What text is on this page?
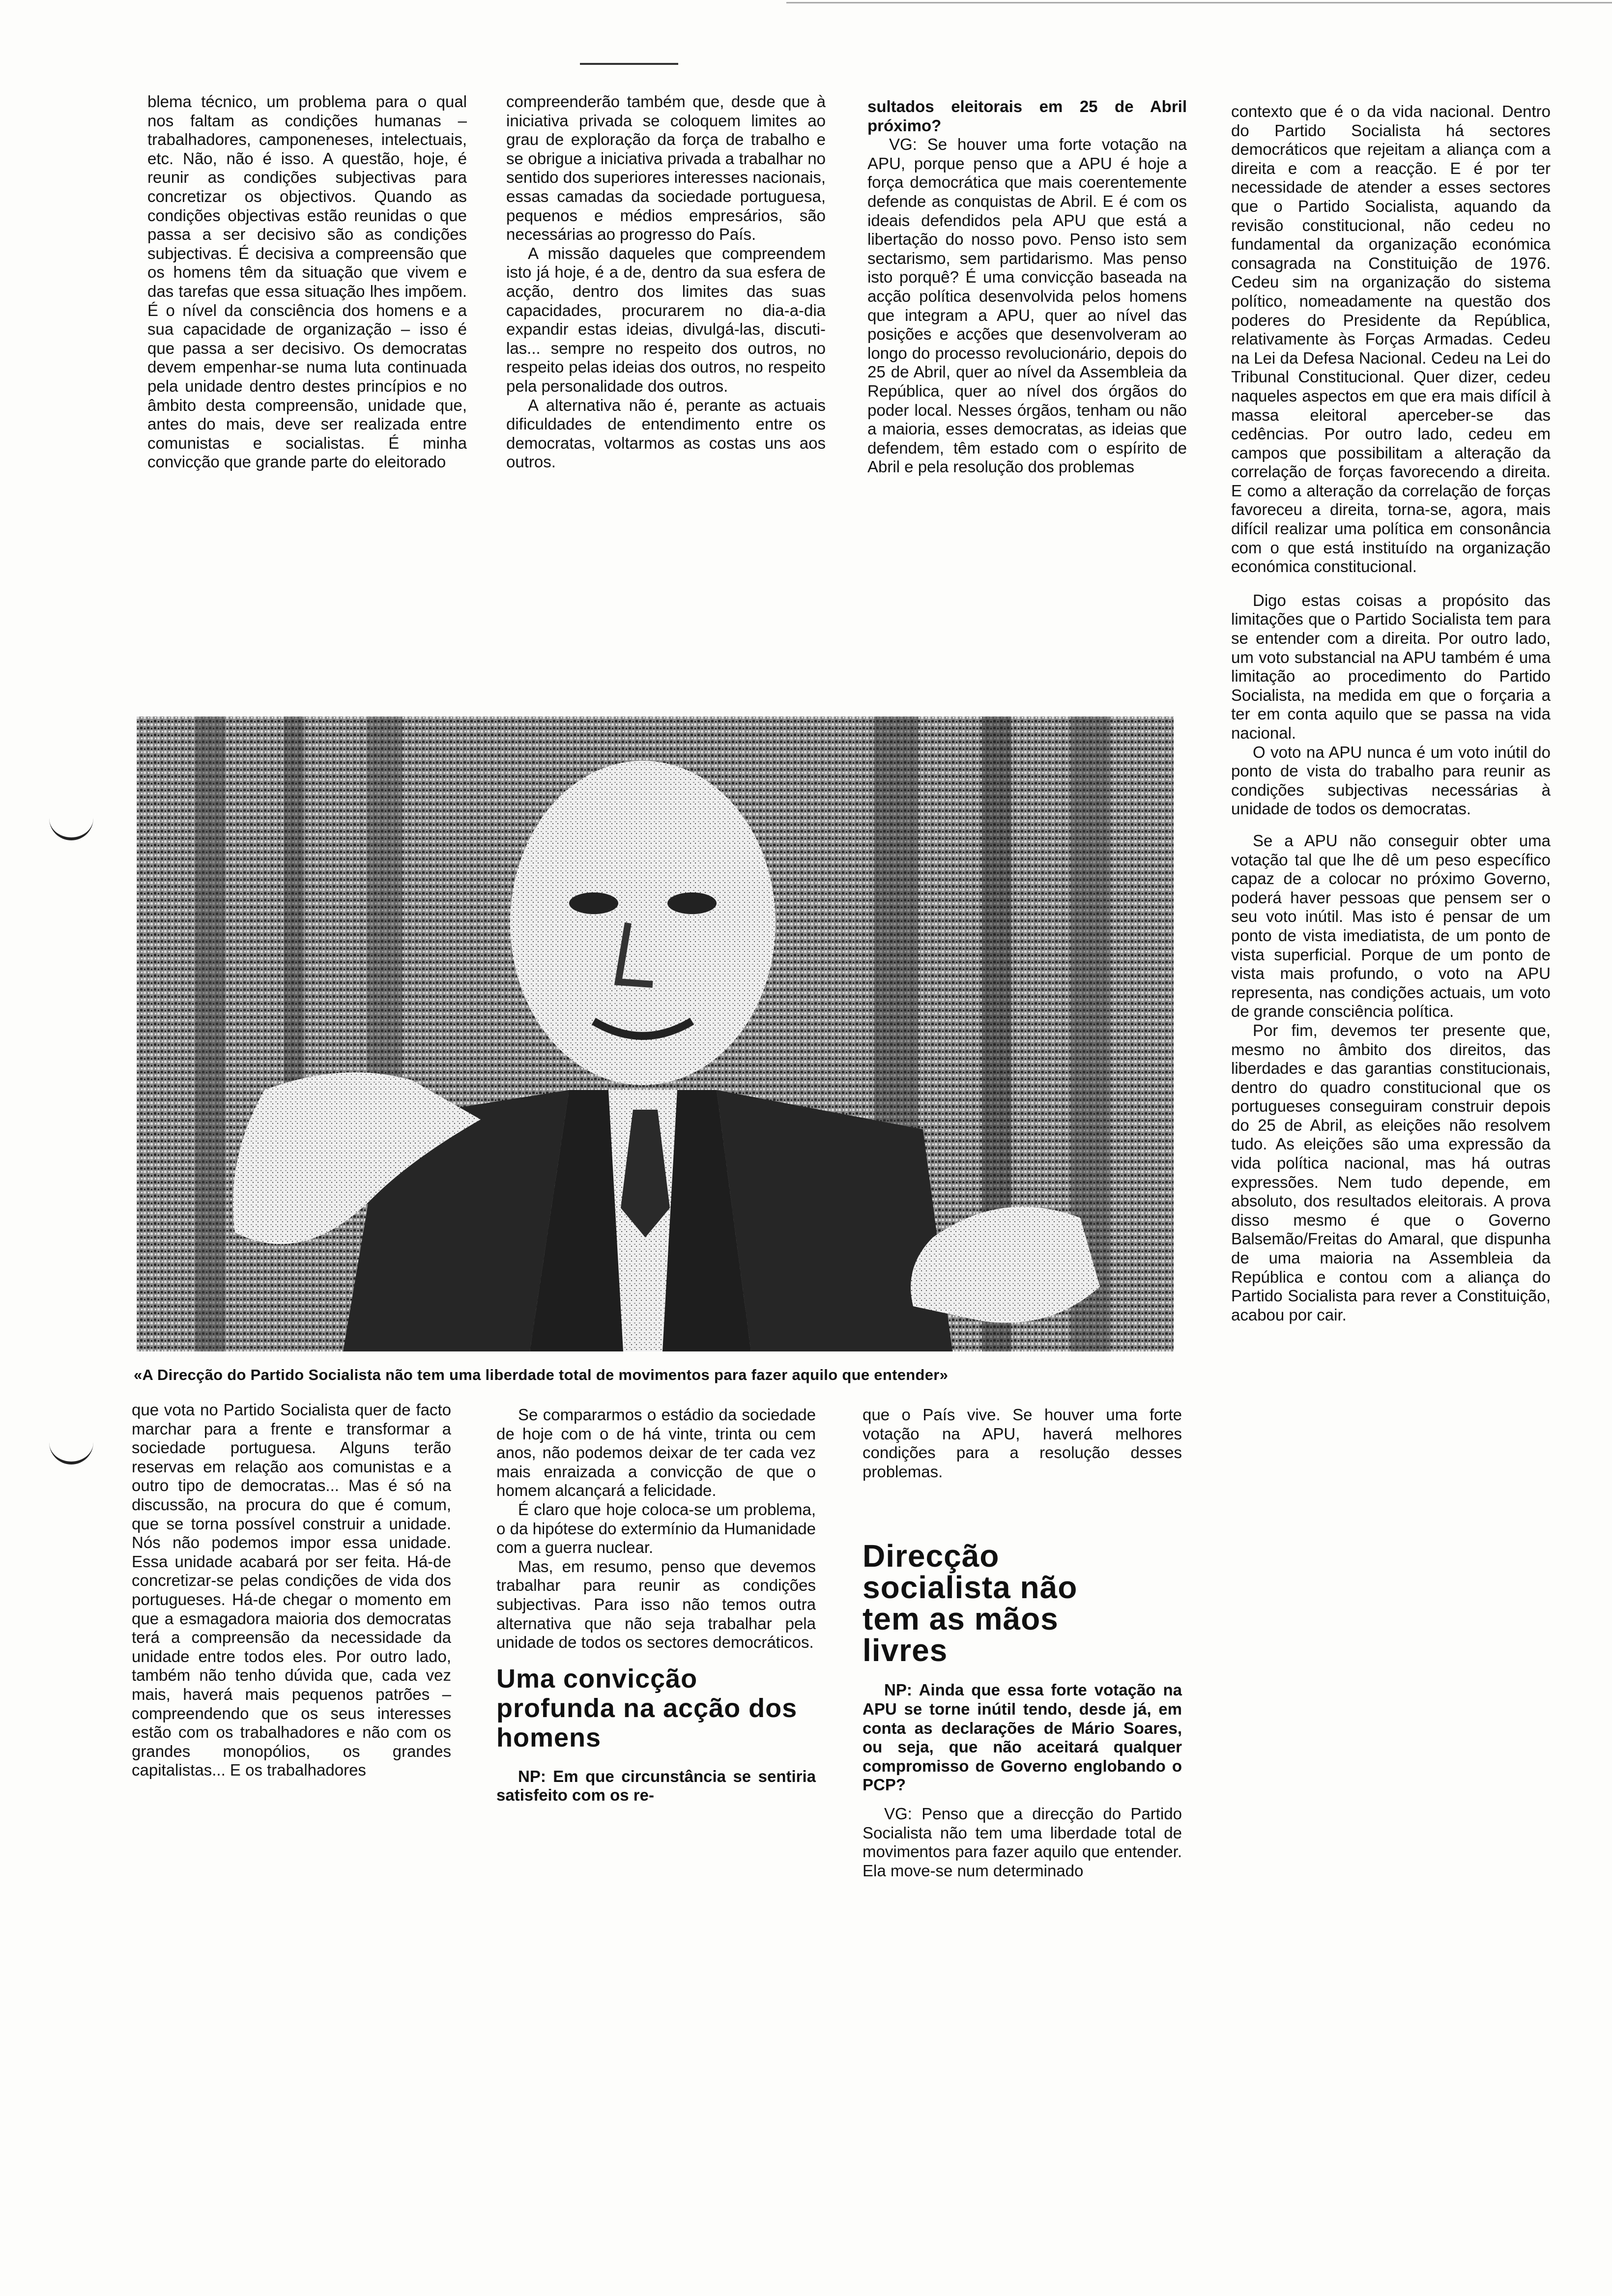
blema técnico, um problema para o qual nos faltam as condições humanas – trabalhadores, camponeneses, intelectuais, etc. Não, não é isso. A questão, hoje, é reunir as condições subjectivas para concretizar os objectivos. Quando as condições objectivas estão reunidas o que passa a ser decisivo são as condições subjectivas. É decisiva a compreensão que os homens têm da situação que vivem e das tarefas que essa situação lhes impõem. É o nível da consciência dos homens e a sua capacidade de organização – isso é que passa a ser decisivo. Os democratas devem empenhar-se numa luta continuada pela unidade dentro destes princípios e no âmbito desta compreensão, unidade que, antes do mais, deve ser realizada entre comunistas e socialistas. É minha convicção que grande parte do eleitorado

compreenderão também que, desde que à iniciativa privada se coloquem limites ao grau de exploração da força de trabalho e se obrigue a iniciativa privada a trabalhar no sentido dos superiores interesses nacionais, essas camadas da sociedade portuguesa, pequenos e médios empresários, são necessárias ao progresso do País.

A missão daqueles que compreendem isto já hoje, é a de, dentro da sua esfera de acção, dentro dos limites das suas capacidades, procurarem no dia-a-dia expandir estas ideias, divulgá-las, discuti-las... sempre no respeito dos outros, no respeito pelas ideias dos outros, no respeito pela personalidade dos outros.

A alternativa não é, perante as actuais dificuldades de entendimento entre os democratas, voltarmos as costas uns aos outros.

sultados eleitorais em 25 de Abril próximo?

VG: Se houver uma forte votação na APU, porque penso que a APU é hoje a força democrática que mais coerentemente defende as conquistas de Abril. E é com os ideais defendidos pela APU que está a libertação do nosso povo. Penso isto sem sectarismo, sem partidarismo. Mas penso isto porquê? É uma convicção baseada na acção política desenvolvida pelos homens que integram a APU, quer ao nível das posições e acções que desenvolveram ao longo do processo revolucionário, depois do 25 de Abril, quer ao nível da Assembleia da República, quer ao nível dos órgãos do poder local. Nesses órgãos, tenham ou não a maioria, esses democratas, as ideias que defendem, têm estado com o espírito de Abril e pela resolução dos problemas

contexto que é o da vida nacional. Dentro do Partido Socialista há sectores democráticos que rejeitam a aliança com a direita e com a reacção. E é por ter necessidade de atender a esses sectores que o Partido Socialista, aquando da revisão constitucional, não cedeu no fundamental da organização económica consagrada na Constituição de 1976. Cedeu sim na organização do sistema político, nomeadamente na questão dos poderes do Presidente da República, relativamente às Forças Armadas. Cedeu na Lei da Defesa Nacional. Cedeu na Lei do Tribunal Constitucional. Quer dizer, cedeu naqueles aspectos em que era mais difícil à massa eleitoral aperceber-se das cedências. Por outro lado, cedeu em campos que possibilitam a alteração da correlação de forças favorecendo a direita. E como a alteração da correlação de forças favoreceu a direita, torna-se, agora, mais difícil realizar uma política em consonância com o que está instituído na organização económica constitucional.

Digo estas coisas a propósito das limitações que o Partido Socialista tem para se entender com a direita. Por outro lado, um voto substancial na APU também é uma limitação ao procedimento do Partido Socialista, na medida em que o forçaria a ter em conta aquilo que se passa na vida nacional.

O voto na APU nunca é um voto inútil do ponto de vista do trabalho para reunir as condições subjectivas necessárias à unidade de todos os democratas.

Se a APU não conseguir obter uma votação tal que lhe dê um peso específico capaz de a colocar no próximo Governo, poderá haver pessoas que pensem ser o seu voto inútil. Mas isto é pensar de um ponto de vista imediatista, de um ponto de vista superficial. Porque de um ponto de vista mais profundo, o voto na APU representa, nas condições actuais, um voto de grande consciência política.

Por fim, devemos ter presente que, mesmo no âmbito dos direitos, das liberdades e das garantias constitucionais, dentro do quadro constitucional que os portugueses conseguiram construir depois do 25 de Abril, as eleições não resolvem tudo. As eleições são uma expressão da vida política nacional, mas há outras expressões. Nem tudo depende, em absoluto, dos resultados eleitorais. A prova disso mesmo é que o Governo Balsemão/Freitas do Amaral, que dispunha de uma maioria na Assembleia da República e contou com a aliança do Partido Socialista para rever a Constituição, acabou por cair.

«A Direcção do Partido Socialista não tem uma liberdade total de movimentos para fazer aquilo que entender»

que vota no Partido Socialista quer de facto marchar para a frente e transformar a sociedade portuguesa. Alguns terão reservas em relação aos comunistas e a outro tipo de democratas... Mas é só na discussão, na procura do que é comum, que se torna possível construir a unidade. Nós não podemos impor essa unidade. Essa unidade acabará por ser feita. Há-de concretizar-se pelas condições de vida dos portugueses. Há-de chegar o momento em que a esmagadora maioria dos democratas terá a compreensão da necessidade da unidade entre todos eles. Por outro lado, também não tenho dúvida que, cada vez mais, haverá mais pequenos patrões – compreendendo que os seus interesses estão com os trabalhadores e não com os grandes monopólios, os grandes capitalistas... E os trabalhadores

Se compararmos o estádio da sociedade de hoje com o de há vinte, trinta ou cem anos, não podemos deixar de ter cada vez mais enraizada a convicção de que o homem alcançará a felicidade.

É claro que hoje coloca-se um problema, o da hipótese do extermínio da Humanidade com a guerra nuclear.

Mas, em resumo, penso que devemos trabalhar para reunir as condições subjectivas. Para isso não temos outra alternativa que não seja trabalhar pela unidade de todos os sectores democráticos.

Uma convicção profunda na acção dos homens

NP: Em que circunstância se sentiria satisfeito com os re-

que o País vive. Se houver uma forte votação na APU, haverá melhores condições para a resolução desses problemas.

Direcção socialista não tem as mãos livres

NP: Ainda que essa forte votação na APU se torne inútil tendo, desde já, em conta as declarações de Mário Soares, ou seja, que não aceitará qualquer compromisso de Governo englobando o PCP?

VG: Penso que a direcção do Partido Socialista não tem uma liberdade total de movimentos para fazer aquilo que entender. Ela move-se num determinado
